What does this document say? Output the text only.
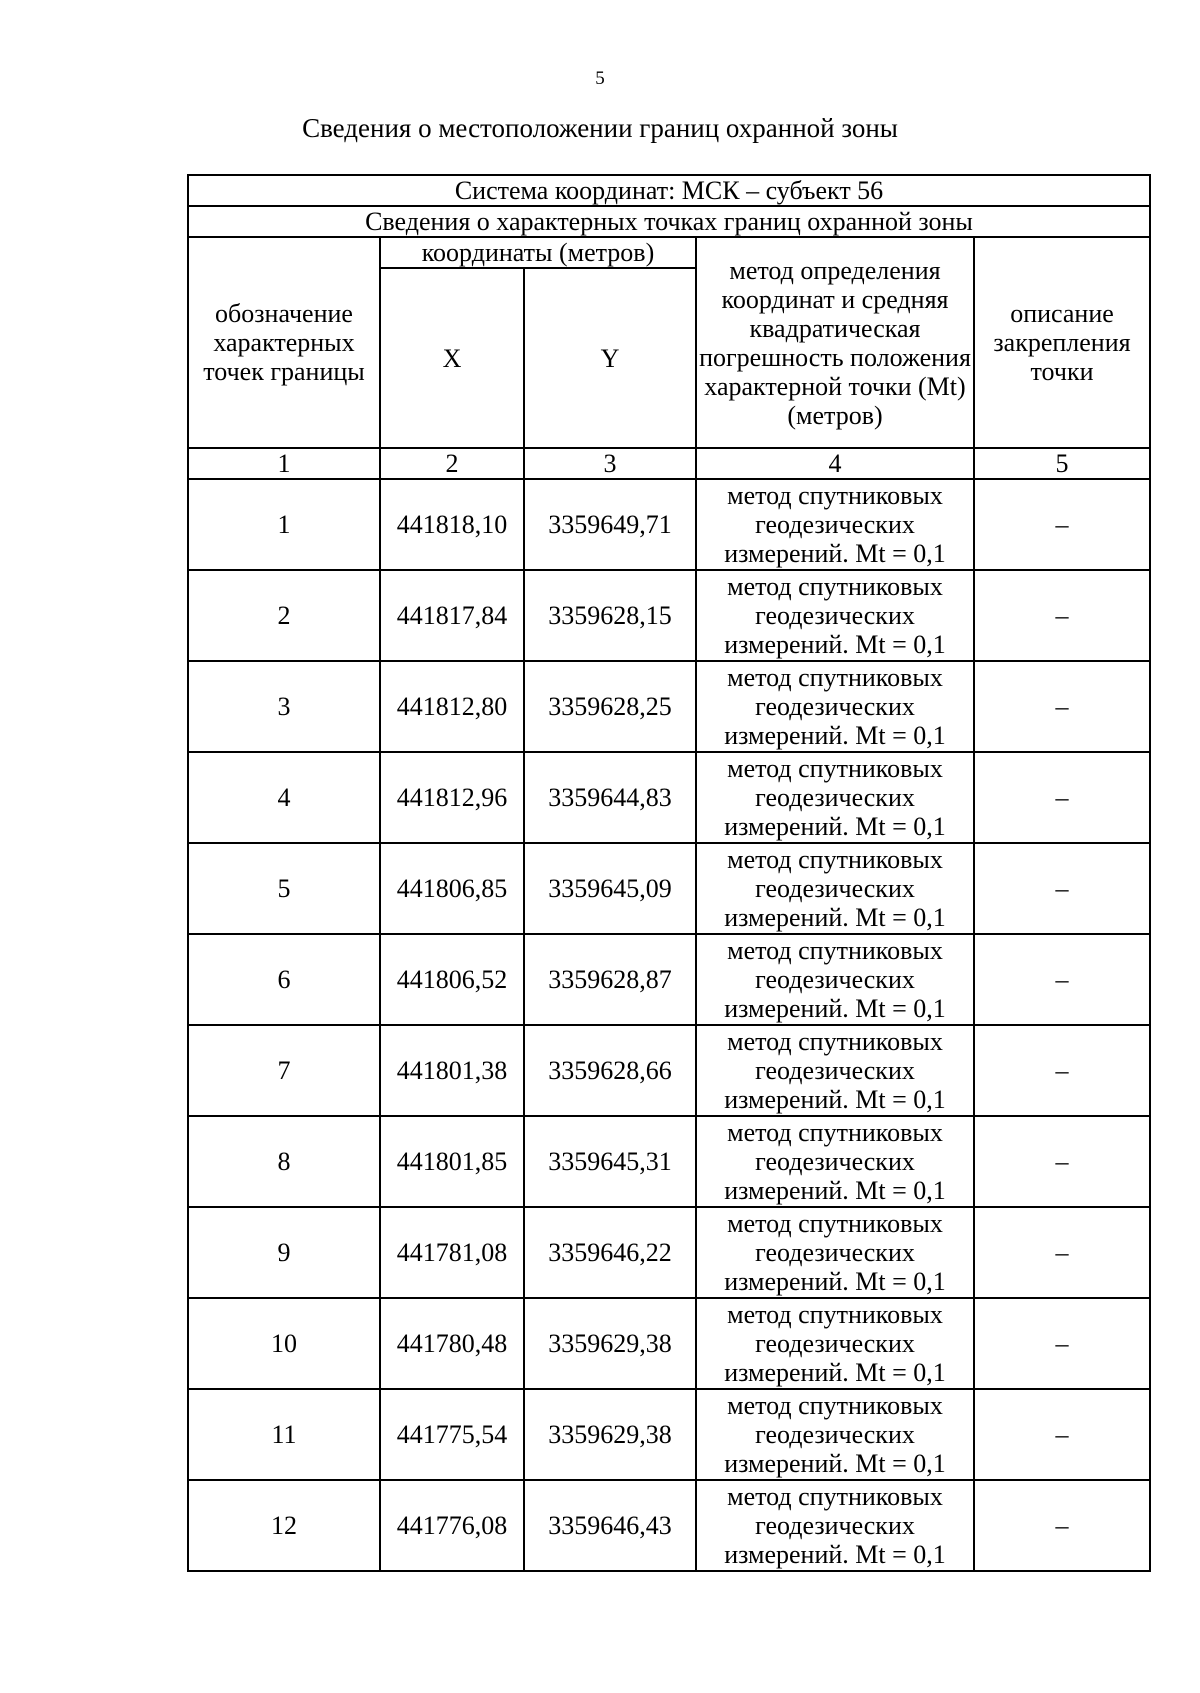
5
Сведения о местоположении границ охранной зоны
Система координат: МСК – субъект 56				
Сведения о характерных точках границ охранной зоны				
обозначение характерных точек границы	координаты (метров)		метод определения координат и средняя квадратическая погрешность положения характерной точки (Mt) (метров)	описание закрепления точки
	X	Y		
1	2	3	4	5
1	441818,10	3359649,71	метод спутниковых геодезических измерений. Mt = 0,1	–
2	441817,84	3359628,15	метод спутниковых геодезических измерений. Mt = 0,1	–
3	441812,80	3359628,25	метод спутниковых геодезических измерений. Mt = 0,1	–
4	441812,96	3359644,83	метод спутниковых геодезических измерений. Mt = 0,1	–
5	441806,85	3359645,09	метод спутниковых геодезических измерений. Mt = 0,1	–
6	441806,52	3359628,87	метод спутниковых геодезических измерений. Mt = 0,1	–
7	441801,38	3359628,66	метод спутниковых геодезических измерений. Mt = 0,1	–
8	441801,85	3359645,31	метод спутниковых геодезических измерений. Mt = 0,1	–
9	441781,08	3359646,22	метод спутниковых геодезических измерений. Mt = 0,1	–
10	441780,48	3359629,38	метод спутниковых геодезических измерений. Mt = 0,1	–
11	441775,54	3359629,38	метод спутниковых геодезических измерений. Mt = 0,1	–
12	441776,08	3359646,43	метод спутниковых геодезических измерений. Mt = 0,1	–
